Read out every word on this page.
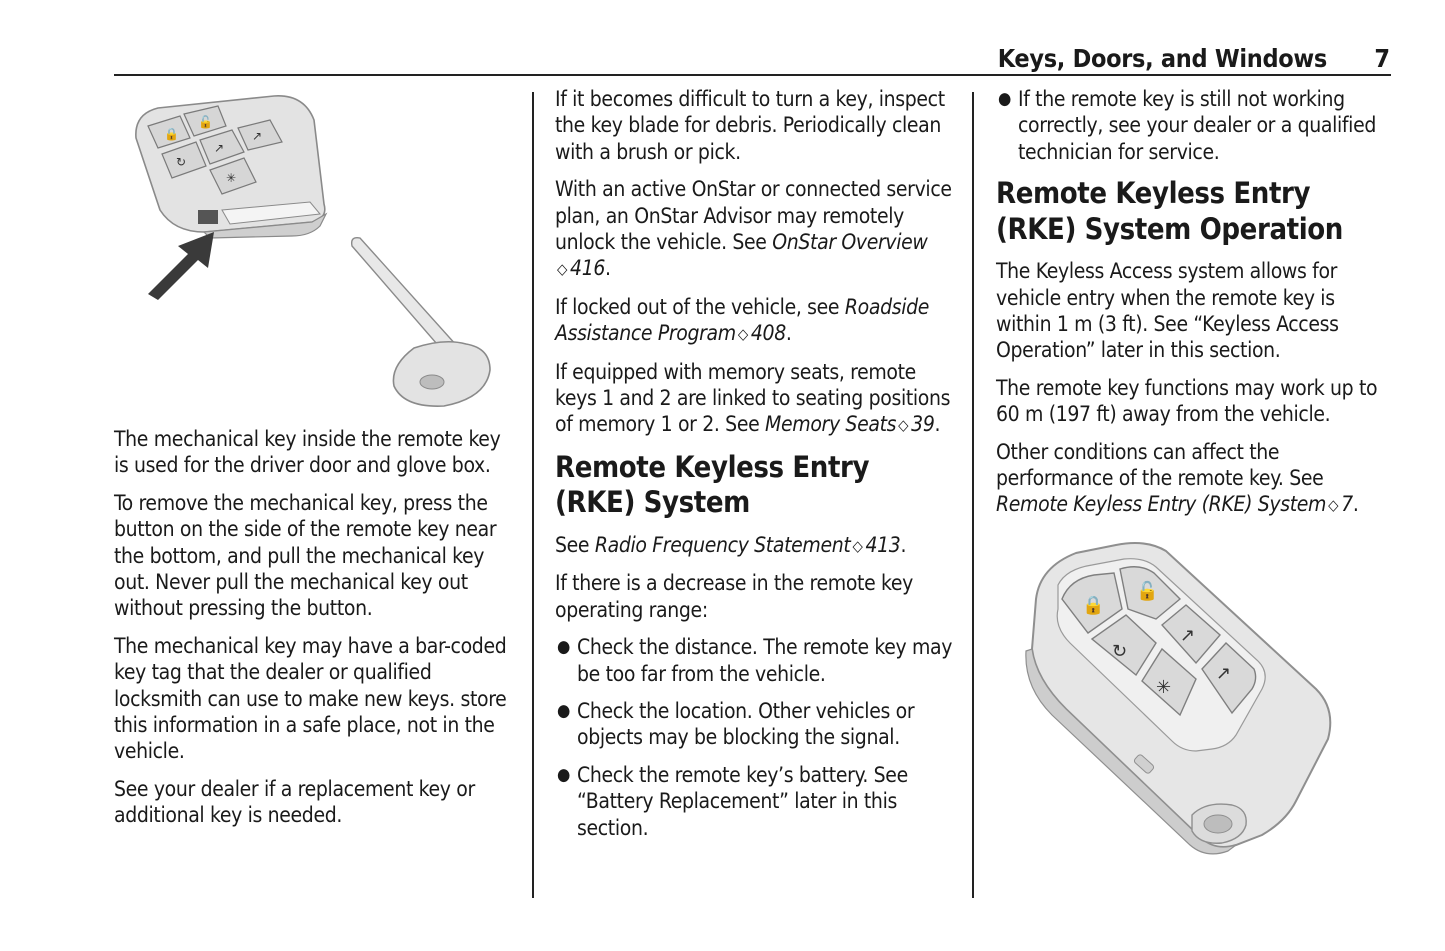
Keys, Doors, and Windows 7
🔒
🔓
↻
↗
✳
↗

The mechanical key inside the remote key is used for the driver door and glove box.

To remove the mechanical key, press the button on the side of the remote key near the bottom, and pull the mechanical key out. Never pull the mechanical key out without pressing the button.

The mechanical key may have a bar-coded key tag that the dealer or qualified locksmith can use to make new keys. store this information in a safe place, not in the vehicle.

See your dealer if a replacement key or additional key is needed.

If it becomes difficult to turn a key, inspect the key blade for debris. Periodically clean with a brush or pick.

With an active OnStar or connected service plan, an OnStar Advisor may remotely unlock the vehicle. See OnStar Overview
◇ 416.

If locked out of the vehicle, see Roadside Assistance Program ◇ 408.

If equipped with memory seats, remote keys 1 and 2 are linked to seating positions of memory 1 or 2. See Memory Seats ◇ 39.

Remote Keyless Entry (RKE) System

See Radio Frequency Statement ◇ 413.

If there is a decrease in the remote key operating range:

● Check the distance. The remote key may be too far from the vehicle.
● Check the location. Other vehicles or objects may be blocking the signal.
● Check the remote key’s battery. See “Battery Replacement” later in this section.
● If the remote key is still not working correctly, see your dealer or a qualified technician for service.
Remote Keyless Entry (RKE) System Operation

The Keyless Access system allows for vehicle entry when the remote key is within 1 m (3 ft). See “Keyless Access Operation” later in this section.

The remote key functions may work up to 60 m (197 ft) away from the vehicle.

Other conditions can affect the performance of the remote key. See Remote Keyless Entry (RKE) System ◇ 7.

🔒
🔓
↻
↗
✳
↗
